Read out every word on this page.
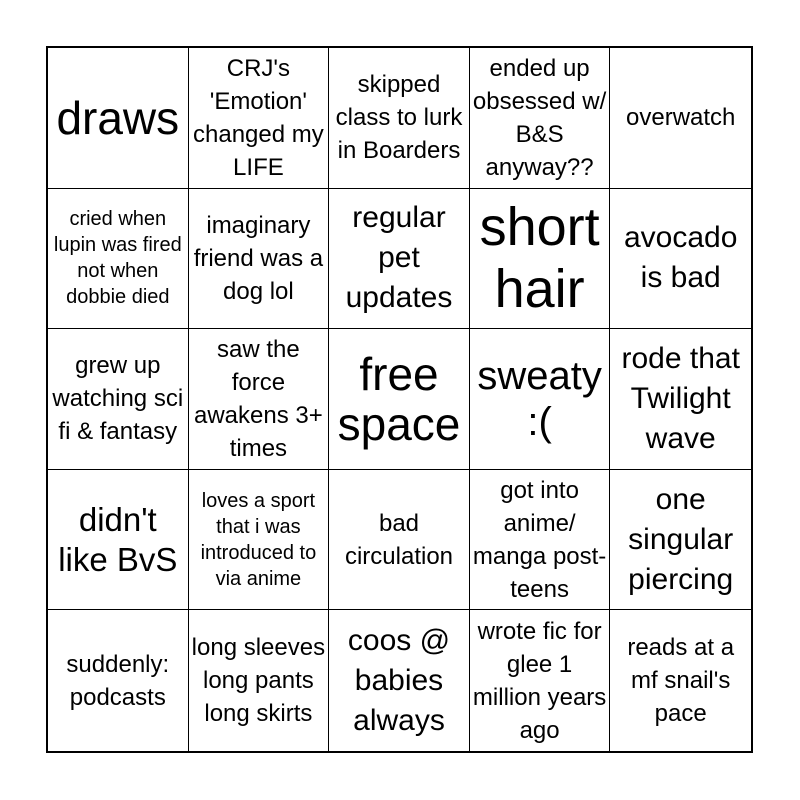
draws
CRJ's 'Emotion' changed my LIFE
skipped class to lurk in Boarders
ended up obsessed w/ B&S anyway??
overwatch
cried when lupin was fired not when dobbie died
imaginary friend was a dog lol
regular pet updates
short hair
avocado is bad
grew up watching sci fi & fantasy
saw the force awakens 3+ times
free space
sweaty :(
rode that Twilight wave
didn't like BvS
loves a sport that i was introduced to via anime
bad circulation
got into anime/ manga post-teens
one singular piercing
suddenly: podcasts
long sleeves long pants long skirts
coos @ babies always
wrote fic for glee 1 million years ago
reads at a mf snail's pace
